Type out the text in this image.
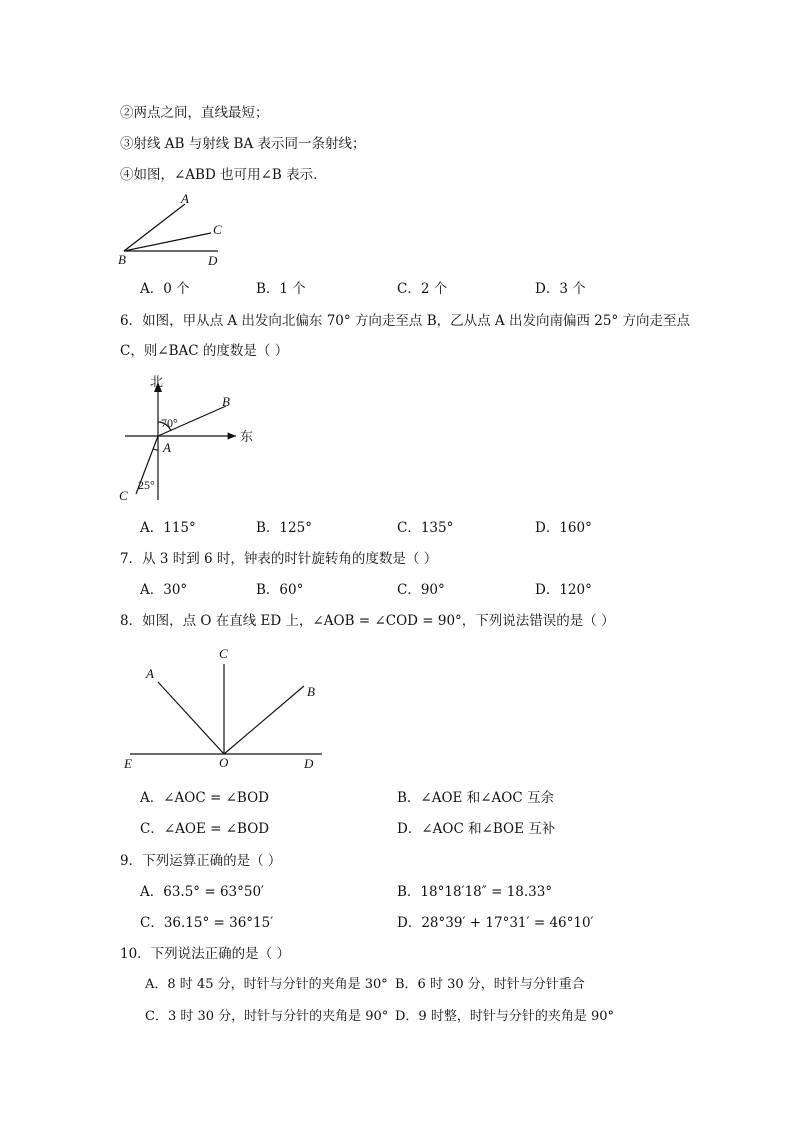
②两点之间，直线最短；
③射线 AB 与射线 BA 表示同一条射线；
④如图，∠ABD 也可用∠B 表示．
A
C
B	D
A．0 个	B．1 个	C．2 个	D．3 个
6．如图，甲从点 A 出发向北偏东 70° 方向走至点 B，乙从点 A 出发向南偏西 25° 方向走至点
C，则∠BAC 的度数是（ ）
北
东
B
A
C
70°
25°
A．115°	B．125°	C．135°	D．160°
7．从 3 时到 6 时，钟表的时针旋转角的度数是（ ）
A．30°	B．60°	C．90°	D．120°
8．如图，点 O 在直线 ED 上，∠AOB = ∠COD = 90°，下列说法错误的是（ ）
C
A
B
E	O	D
A．∠AOC = ∠BOD	B．∠AOE 和∠AOC 互余
C．∠AOE = ∠BOD	D．∠AOC 和∠BOE 互补
9．下列运算正确的是（ ）
A．63.5° = 63°50′	B．18°18′18″ = 18.33°
C．36.15° = 36°15′	D．28°39′ + 17°31′ = 46°10′
10．下列说法正确的是（ ）
A．8 时 45 分，时针与分针的夹角是 30° B．6 时 30 分，时针与分针重合
C．3 时 30 分，时针与分针的夹角是 90° D．9 时整，时针与分针的夹角是 90°
